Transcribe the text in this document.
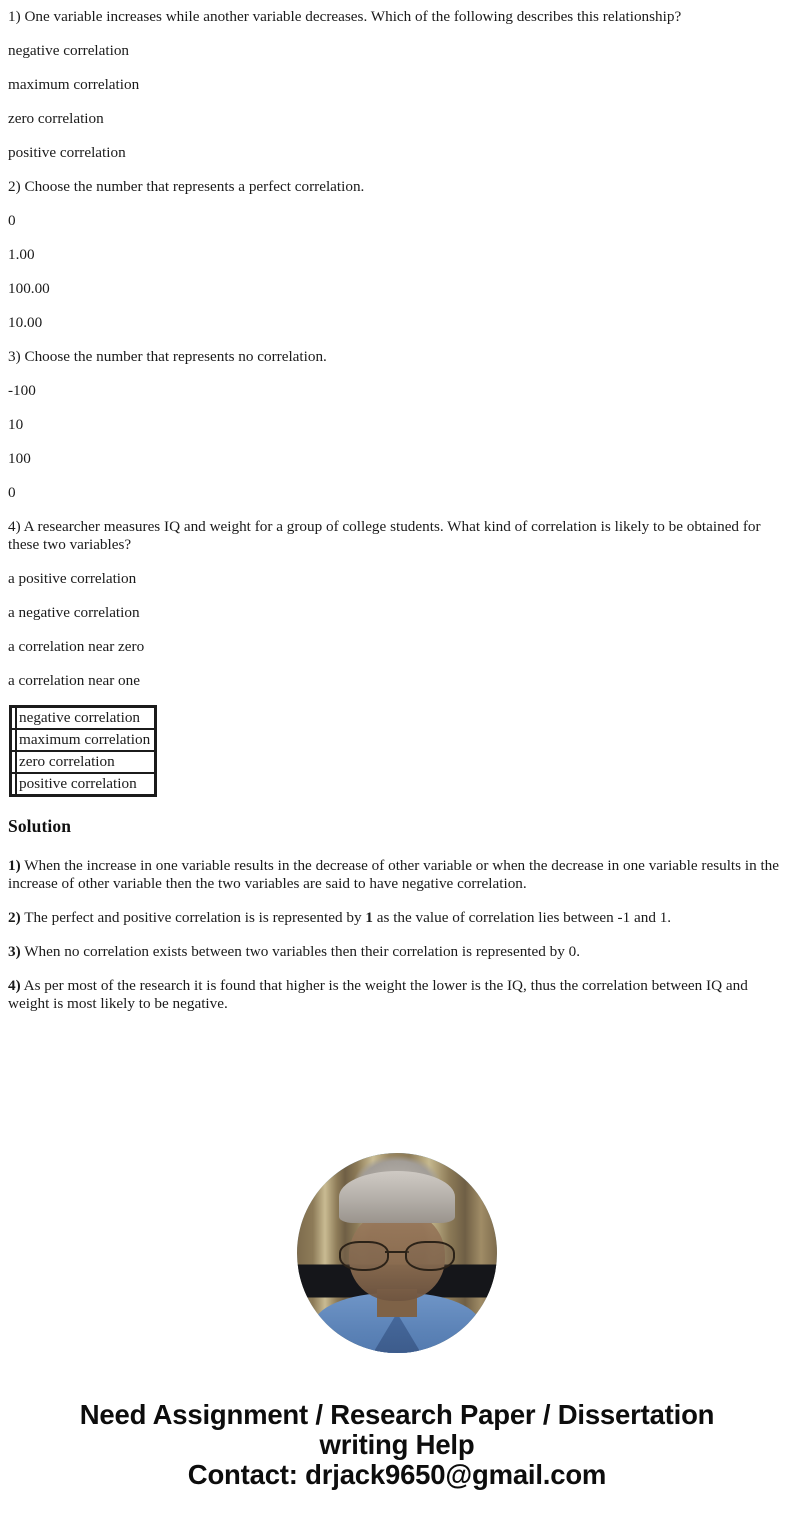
1) One variable increases while another variable decreases. Which of the following describes this relationship?

negative correlation

maximum correlation

zero correlation

positive correlation

2) Choose the number that represents a perfect correlation.

0

1.00

100.00

10.00

3) Choose the number that represents no correlation.

-100

10

100

0

4) A researcher measures IQ and weight for a group of college students. What kind of correlation is likely to be obtained for these two variables?

a positive correlation

a negative correlation

a correlation near zero

a correlation near one

	negative correlation
	maximum correlation
	zero correlation
	positive correlation
Solution

1) When the increase in one variable results in the decrease of other variable or when the decrease in one variable results in the increase of other variable then the two variables are said to have negative correlation.

2) The perfect and positive correlation is is represented by 1 as the value of correlation lies between -1 and 1.

3) When no correlation exists between two variables then their correlation is represented by 0.

4) As per most of the research it is found that higher is the weight the lower is the IQ, thus the correlation between IQ and weight is most likely to be negative.

Need Assignment / Research Paper / Dissertation
writing Help
Contact: drjack9650@gmail.com
